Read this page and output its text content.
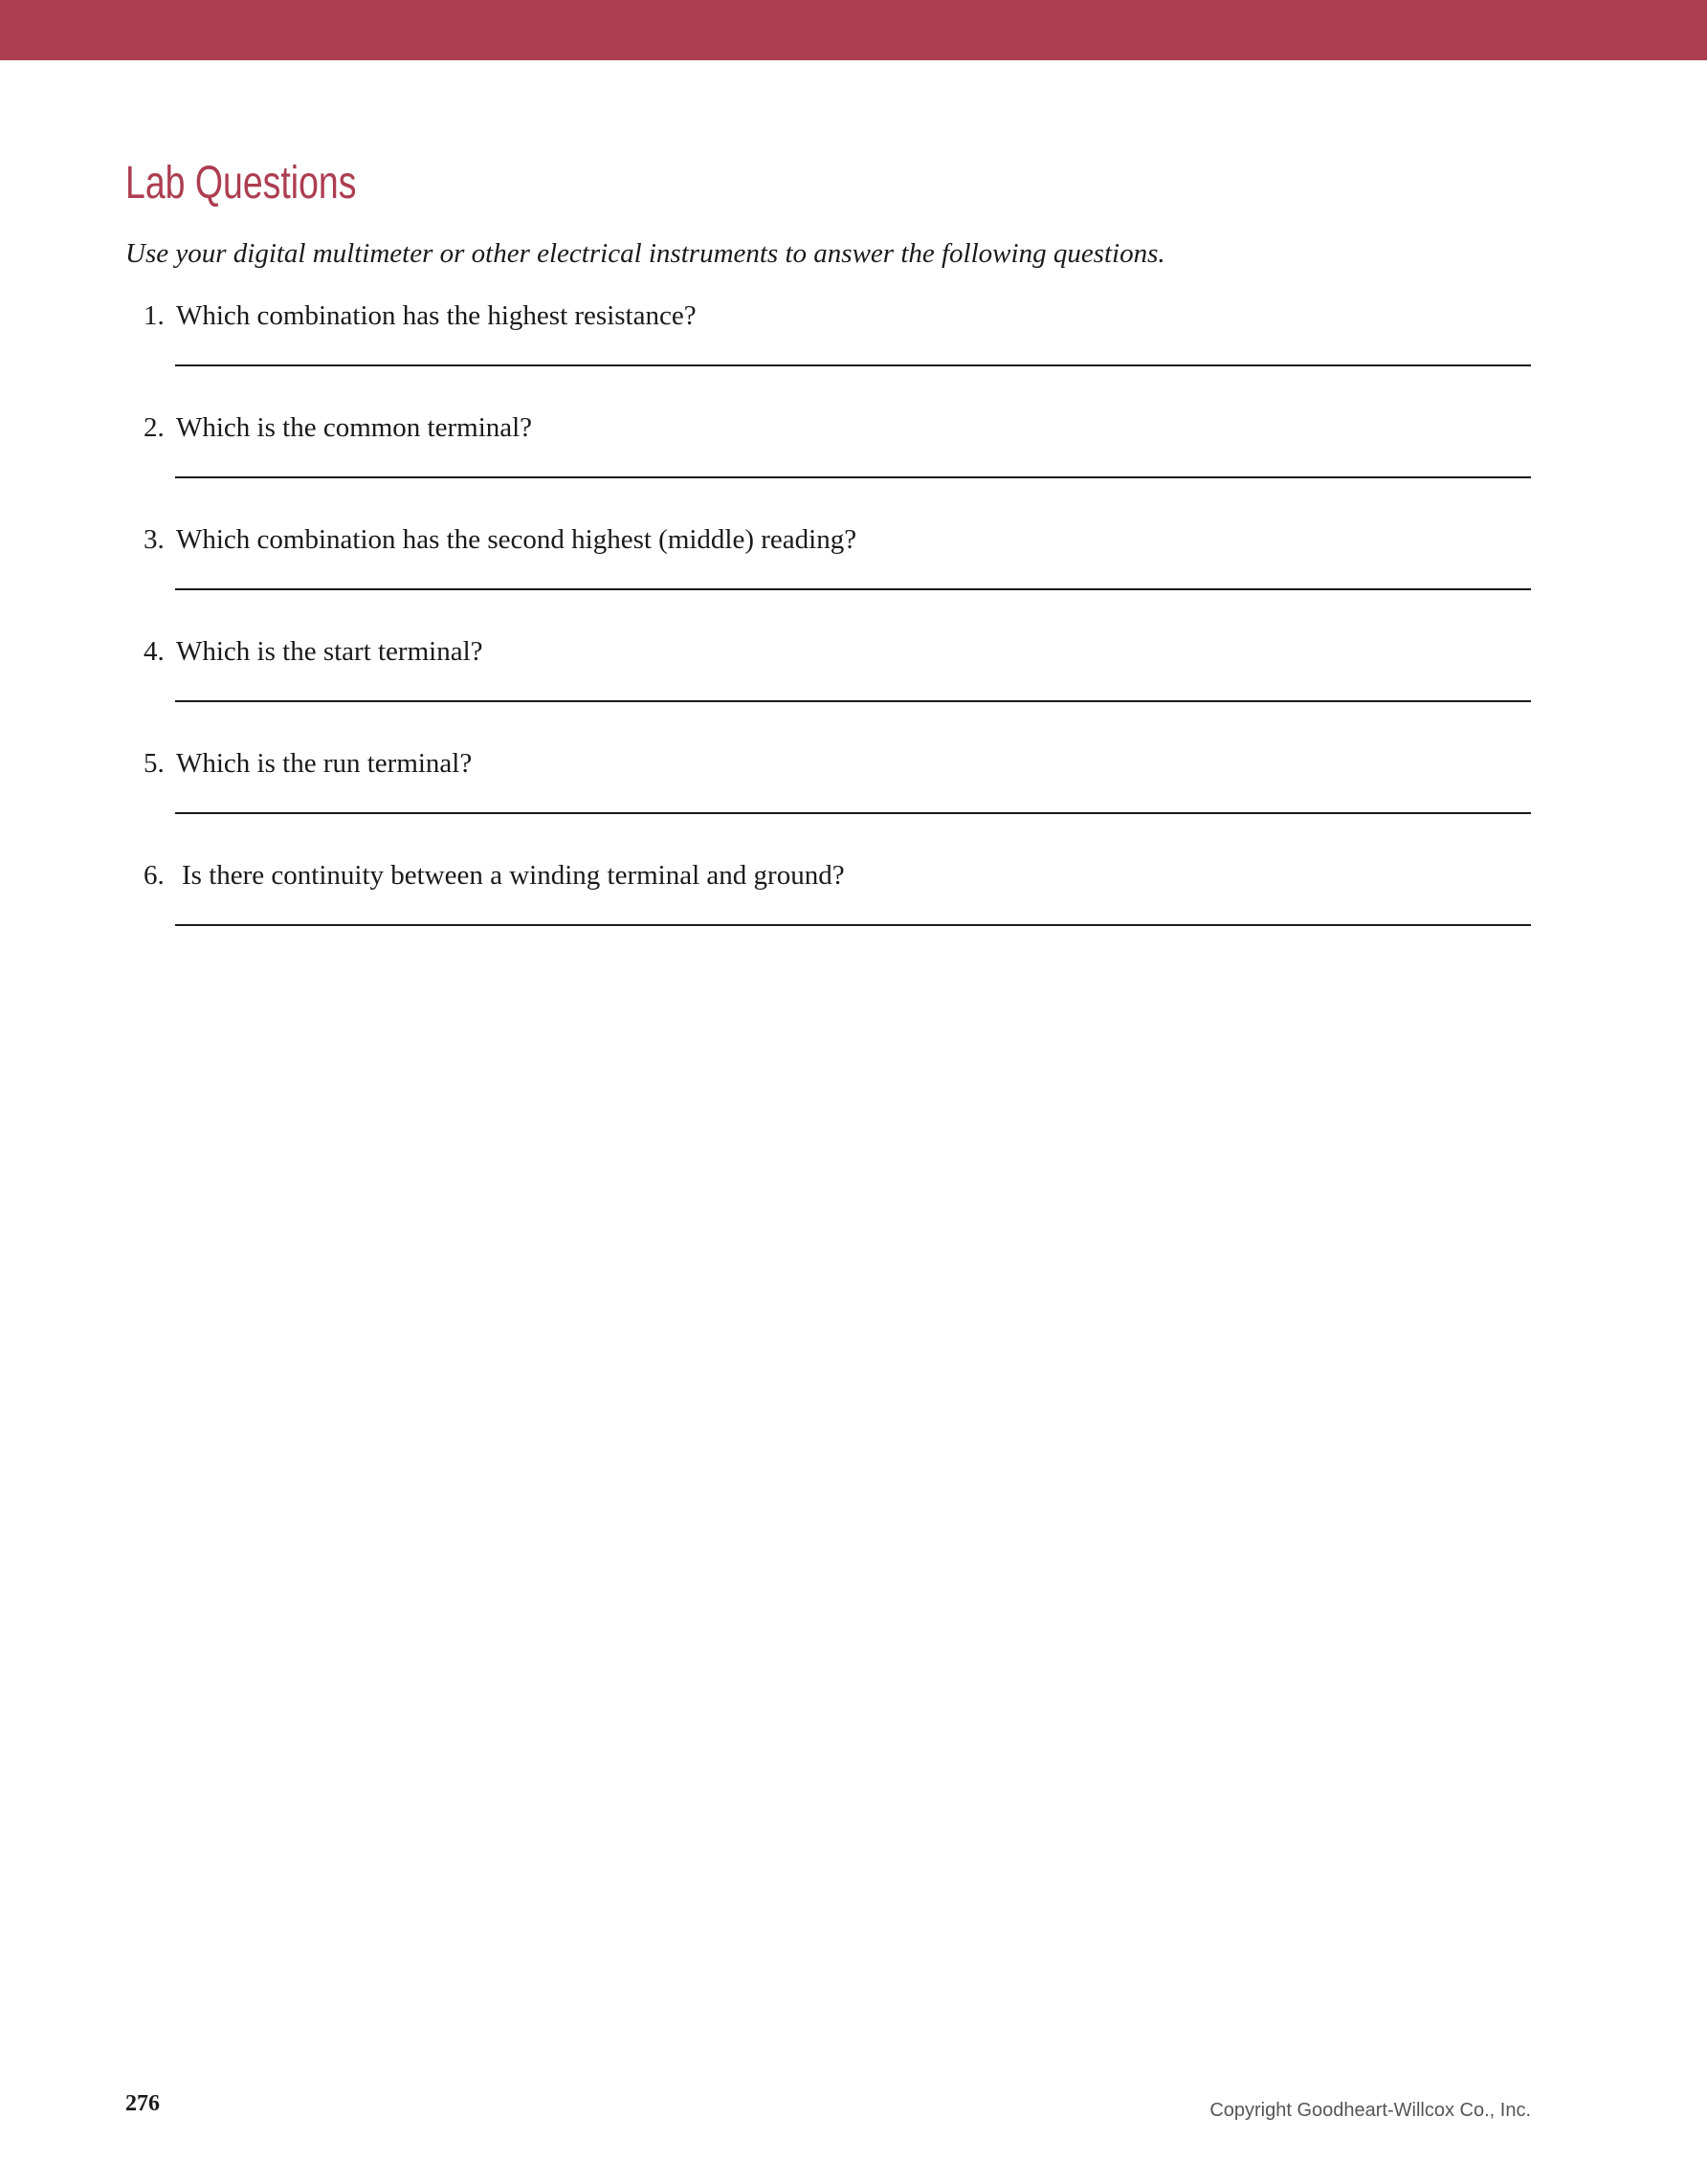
Lab Questions

Use your digital multimeter or other electrical instruments to answer the following questions.

1. Which combination has the highest resistance?
2. Which is the common terminal?
3. Which combination has the second highest (middle) reading?
4. Which is the start terminal?
5. Which is the run terminal?
6. Is there continuity between a winding terminal and ground?
276	Copyright Goodheart-Willcox Co., Inc.
